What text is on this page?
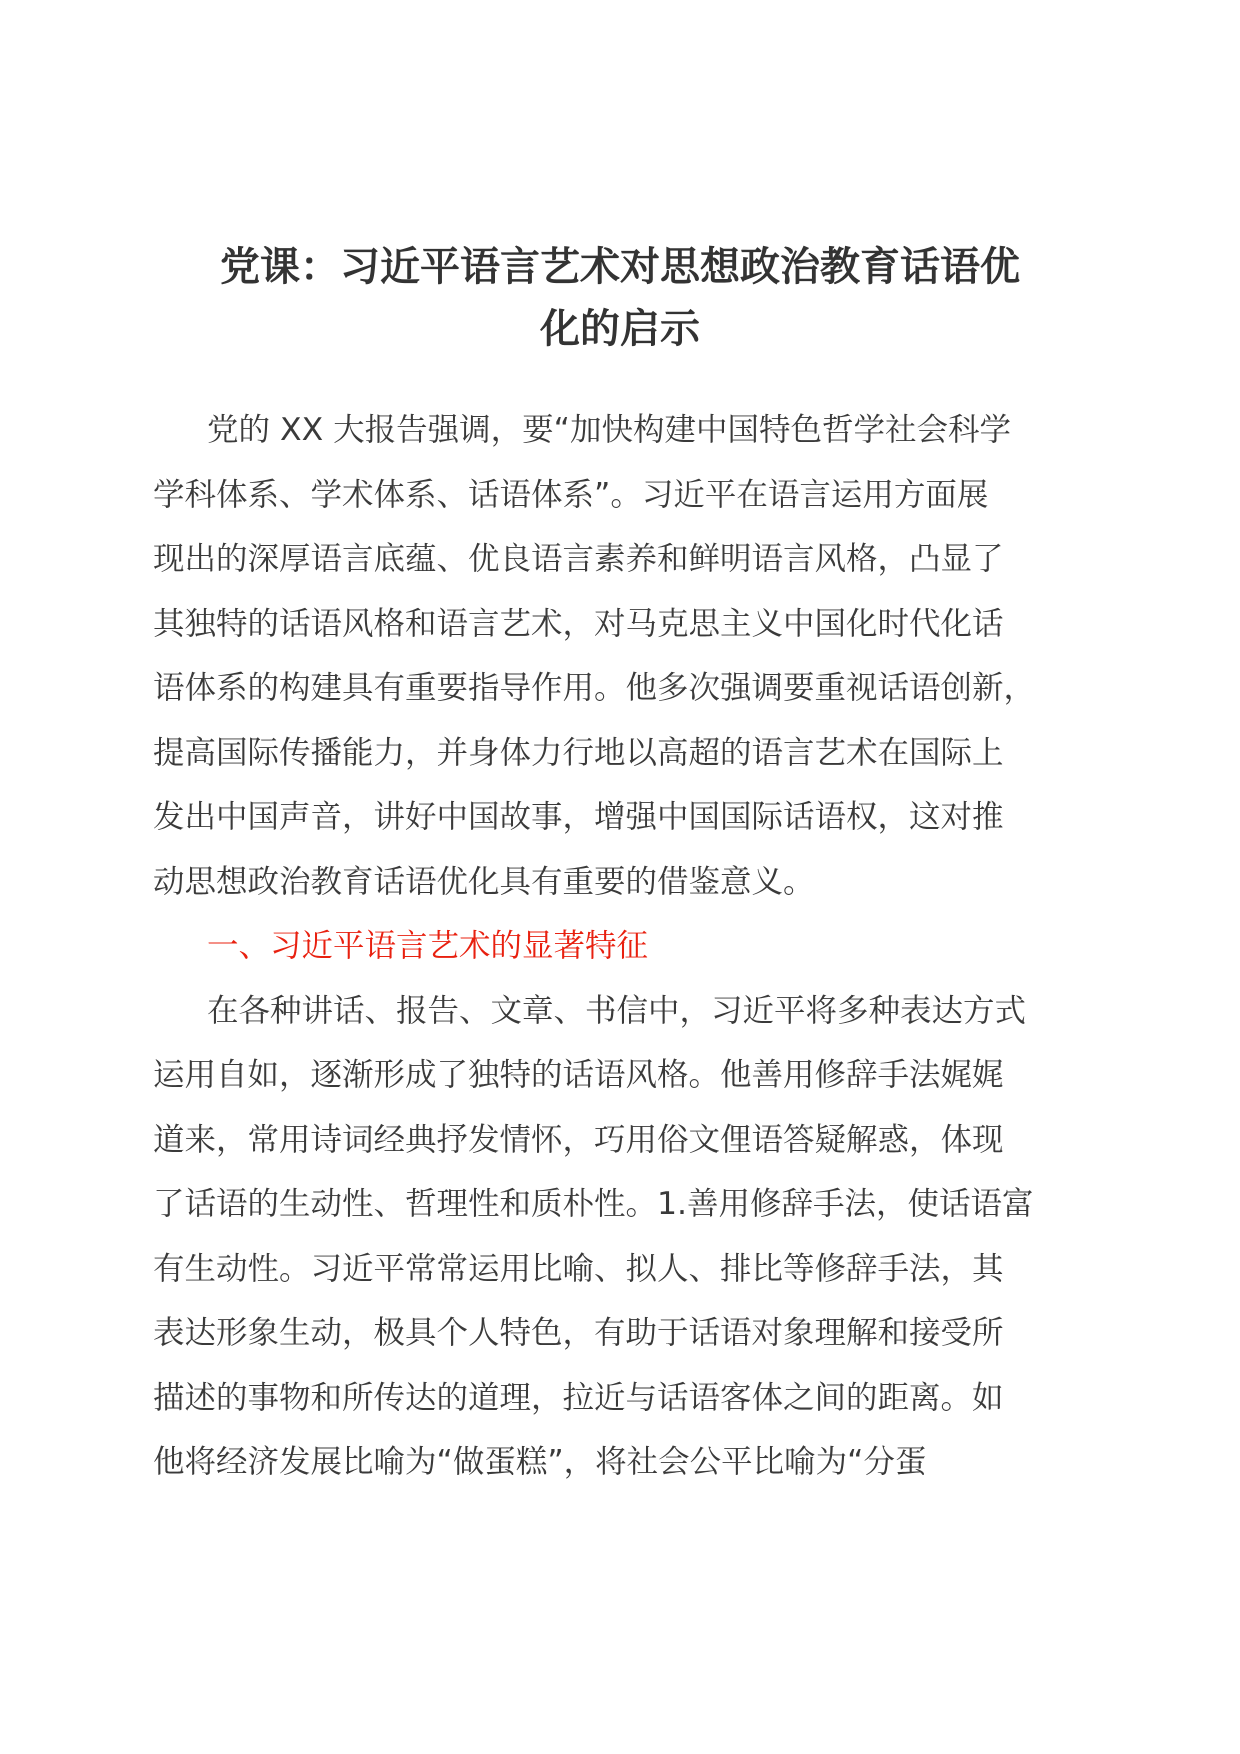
党课：习近平语言艺术对思想政治教育话语优
化的启示
党的 XX 大报告强调，要“加快构建中国特色哲学社会科学
学科体系、学术体系、话语体系”。习近平在语言运用方面展
现出的深厚语言底蕴、优良语言素养和鲜明语言风格，凸显了
其独特的话语风格和语言艺术，对马克思主义中国化时代化话
语体系的构建具有重要指导作用。他多次强调要重视话语创新，
提高国际传播能力，并身体力行地以高超的语言艺术在国际上
发出中国声音，讲好中国故事，增强中国国际话语权，这对推
动思想政治教育话语优化具有重要的借鉴意义。
一、习近平语言艺术的显著特征
在各种讲话、报告、文章、书信中，习近平将多种表达方式
运用自如，逐渐形成了独特的话语风格。他善用修辞手法娓娓
道来，常用诗词经典抒发情怀，巧用俗文俚语答疑解惑，体现
了话语的生动性、哲理性和质朴性。1.善用修辞手法，使话语富
有生动性。习近平常常运用比喻、拟人、排比等修辞手法，其
表达形象生动，极具个人特色，有助于话语对象理解和接受所
描述的事物和所传达的道理，拉近与话语客体之间的距离。如
他将经济发展比喻为“做蛋糕”，将社会公平比喻为“分蛋
